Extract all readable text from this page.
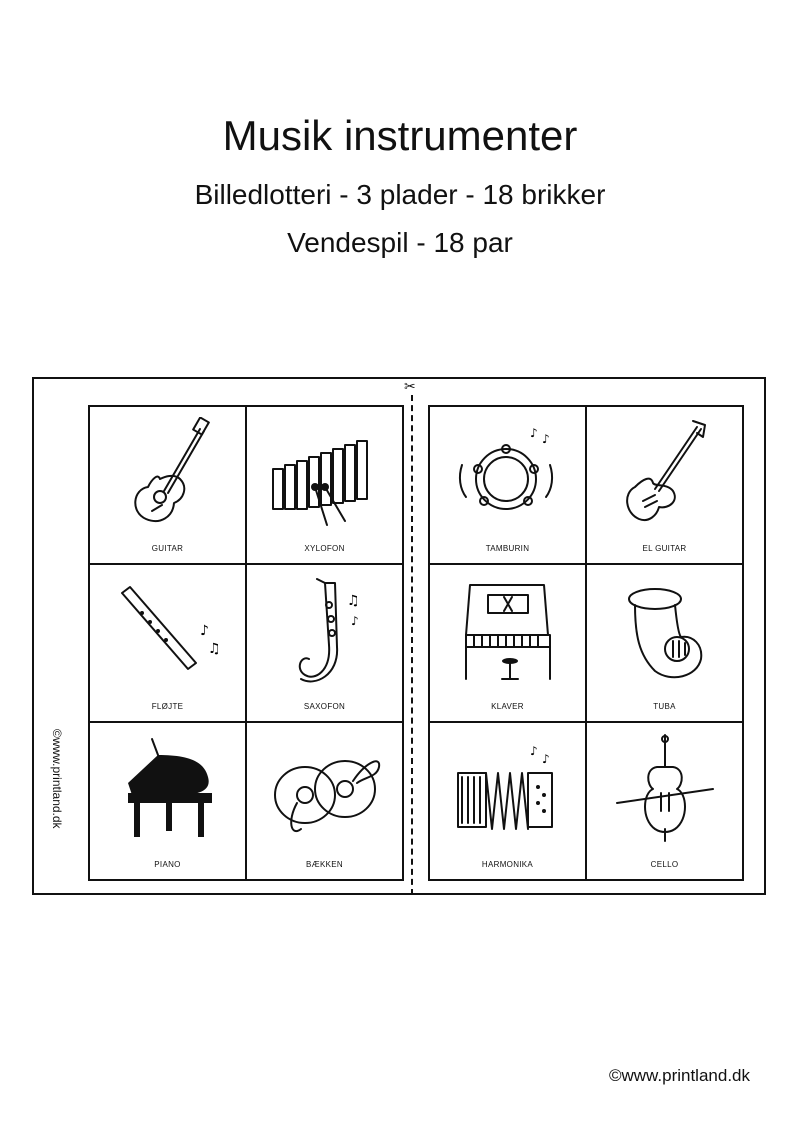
Musik instrumenter
Billedlotteri - 3 plader - 18 brikker
Vendespil - 18 par
©www.printland.dk
✂
GUITAR	XYLOFON
♪
♫
FLØJTE
♫
♪
SAXOFON
PIANO	BÆKKEN
♪ ♪
TAMBURIN	EL GUITAR
KLAVER	TUBA
♪
♪
HARMONIKA	CELLO
©www.printland.dk
